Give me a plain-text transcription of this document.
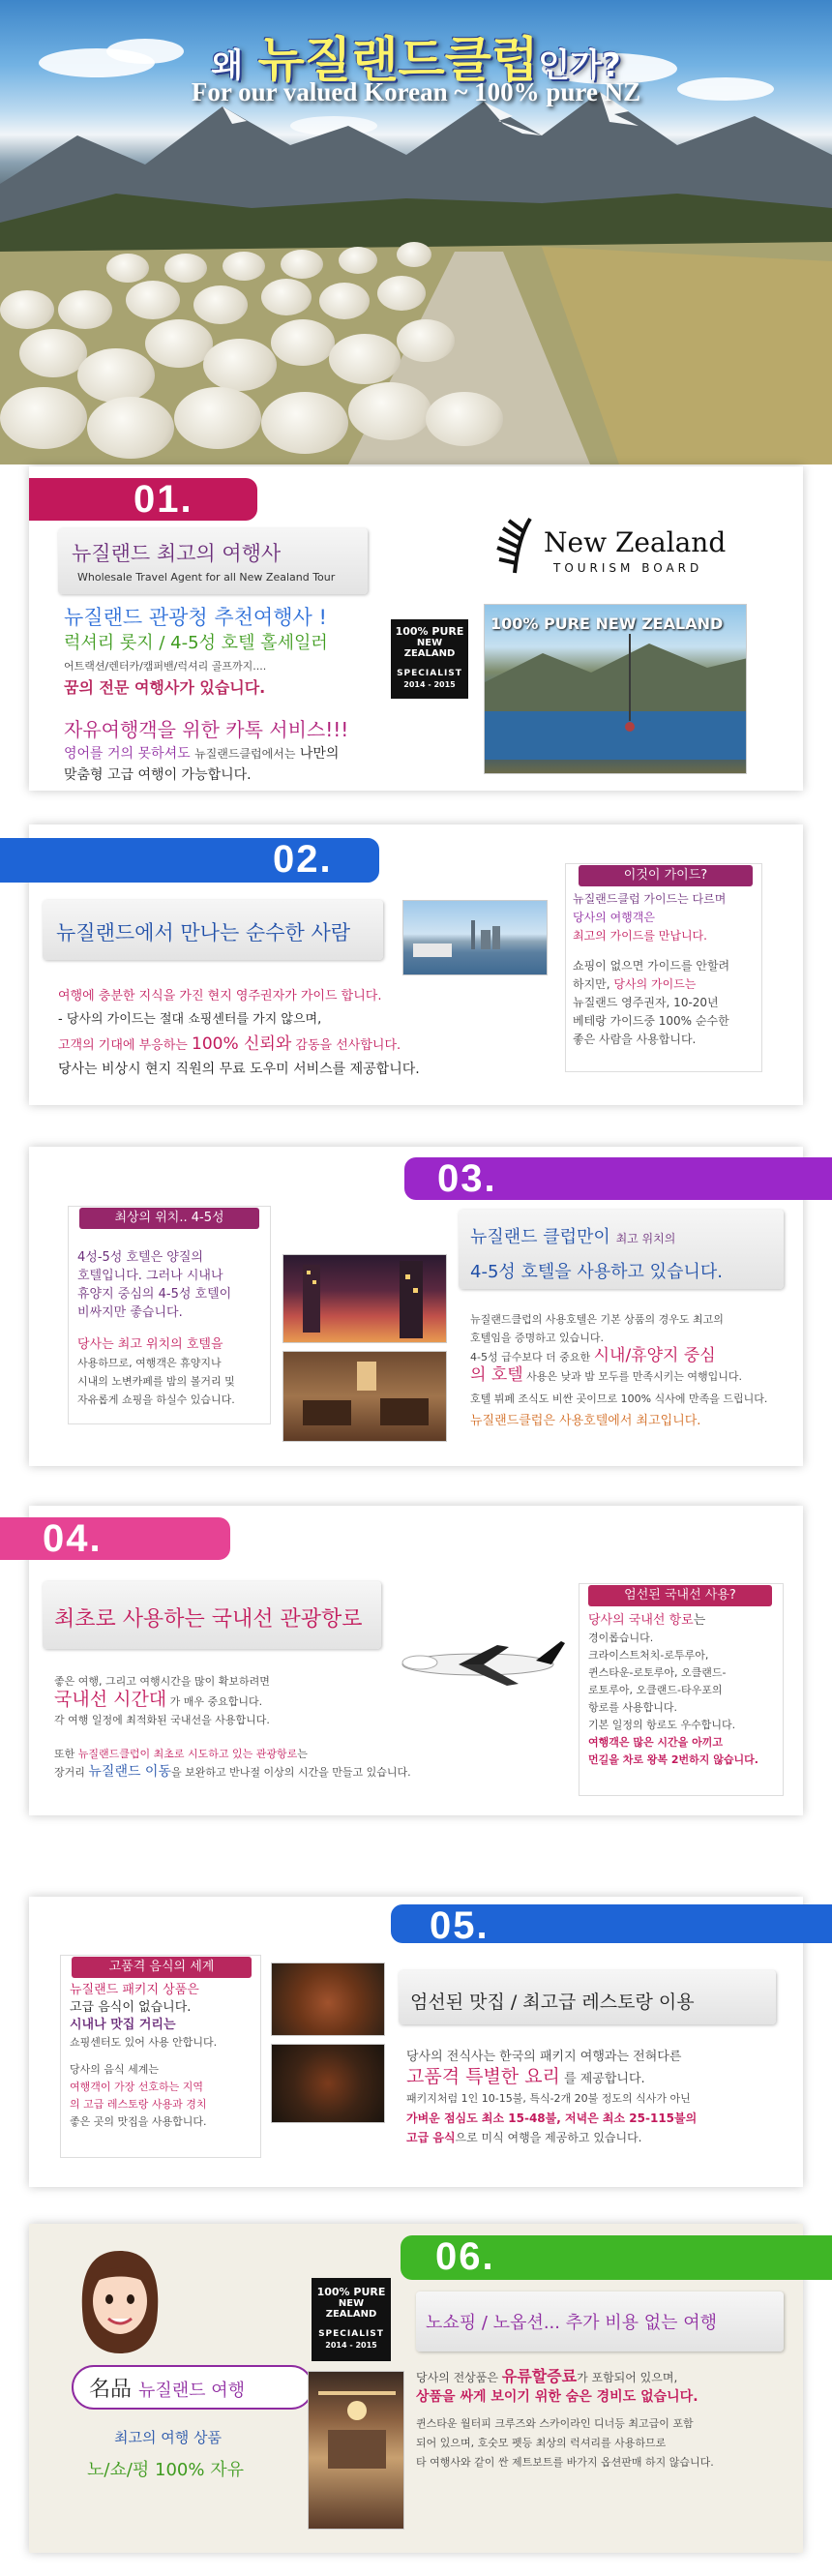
왜 뉴질랜드클럽인가?
For our valued Korean ~ 100% pure NZ
01.
뉴질랜드 최고의 여행사
Wholesale Travel Agent for all New Zealand Tour
뉴질랜드 관광청 추천여행사 !
럭셔리 롯지 / 4-5성 호텔 홀세일러
어트랙션/렌터카/캠퍼밴/럭셔리 골프까지....
꿈의 전문 여행사가 있습니다.
자유여행객을 위한 카톡 서비스!!!
영어를 거의 못하셔도 뉴질랜드클럽에서는 나만의
맞춤형 고급 여행이 가능합니다.
100% PURE
NEW ZEALAND
SPECIALIST
2014 - 2015
New Zealand
TOURISM BOARD
100% PURE NEW ZEALAND
02.
뉴질랜드에서 만나는 순수한 사람
여행에 충분한 지식을 가진 현지 영주권자가 가이드 합니다.
- 당사의 가이드는 절대 쇼핑센터를 가지 않으며,
고객의 기대에 부응하는 100% 신뢰와 감동을 선사합니다.
당사는 비상시 현지 직원의 무료 도우미 서비스를 제공합니다.
이것이 가이드?

뉴질랜드클럽 가이드는 다르며

당사의 여행객은

최고의 가이드를 만납니다.

쇼핑이 없으면 가이드를 안할려

하지만, 당사의 가이드는

뉴질랜드 영주권자, 10-20년

베테랑 가이드중 100% 순수한

좋은 사람을 사용합니다.

03.
최상의 위치.. 4-5성

4성-5성 호텔은 양질의

호텔입니다. 그러나 시내나

휴양지 중심의 4-5성 호텔이

비싸지만 좋습니다.

당사는 최고 위치의 호텔을

사용하므로, 여행객은 휴양지나

시내의 노변카페를 밤의 볼거리 및

자유롭게 쇼핑을 하실수 있습니다.

뉴질랜드 클럽만이 최고 위치의
4-5성 호텔을 사용하고 있습니다.

뉴질랜드클럽의 사용호텔은 기본 상품의 경우도 최고의

호텔임을 증명하고 있습니다.

4-5성 급수보다 더 중요한 시내/휴양지 중심

의 호텔 사용은 낮과 밤 모두를 만족시키는 여행입니다.

호텔 뷔페 조식도 비싼 곳이므로 100% 식사에 만족을 드립니다.

뉴질랜드클럽은 사용호텔에서 최고입니다.

04.
최초로 사용하는 국내선 관광항로

좋은 여행, 그리고 여행시간을 많이 확보하려면

국내선 시간대 가 매우 중요합니다.

각 여행 일정에 최적화된 국내선을 사용합니다.

또한 뉴질랜드클럽이 최초로 시도하고 있는 관광항로는

장거리 뉴질랜드 이동을 보완하고 반나절 이상의 시간을 만들고 있습니다.

엄선된 국내선 사용?

당사의 국내선 항로는

경이롭습니다.

크라이스트처치-로투루아,

퀸스타운-로토루아, 오클랜드-

로토루아, 오클랜드-타우포의

항로를 사용합니다.

기본 일정의 항로도 우수합니다.

여행객은 많은 시간을 아끼고

먼길을 차로 왕복 2번하지 않습니다.

05.
고품격 음식의 세계

뉴질랜드 패키지 상품은

고급 음식이 없습니다.

시내나 맛집 거리는

쇼핑센터도 있어 사용 안합니다.

당사의 음식 세계는

여행객이 가장 선호하는 지역

의 고급 레스토랑 사용과 경치

좋은 곳의 맛집을 사용합니다.

엄선된 맛집 / 최고급 레스토랑 이용

당사의 전식사는 한국의 패키지 여행과는 전혀다른

고품격 특별한 요리 를 제공합니다.

패키지처럼 1인 10-15불, 특식-2개 20불 정도의 식사가 아닌

가벼운 점심도 최소 15-48불, 저녁은 최소 25-115불의

고급 음식으로 미식 여행을 제공하고 있습니다.

06.
名品 뉴질랜드 여행
최고의 여행 상품
노/쇼/펑 100% 자유
100% PURE
NEW ZEALAND
SPECIALIST
2014 - 2015
노쇼핑 / 노옵션... 추가 비용 없는 여행

당사의 전상품은 유류할증료가 포함되어 있으며,

상품을 싸게 보이기 위한 숨은 경비도 없습니다.

퀸스타운 월터피 크루즈와 스카이라인 디너등 최고급이 포함

되어 있으며, 호숫모 펫등 최상의 럭셔리를 사용하므로

타 여행사와 같이 싼 제트보트를 바가지 옵션판매 하지 않습니다.
